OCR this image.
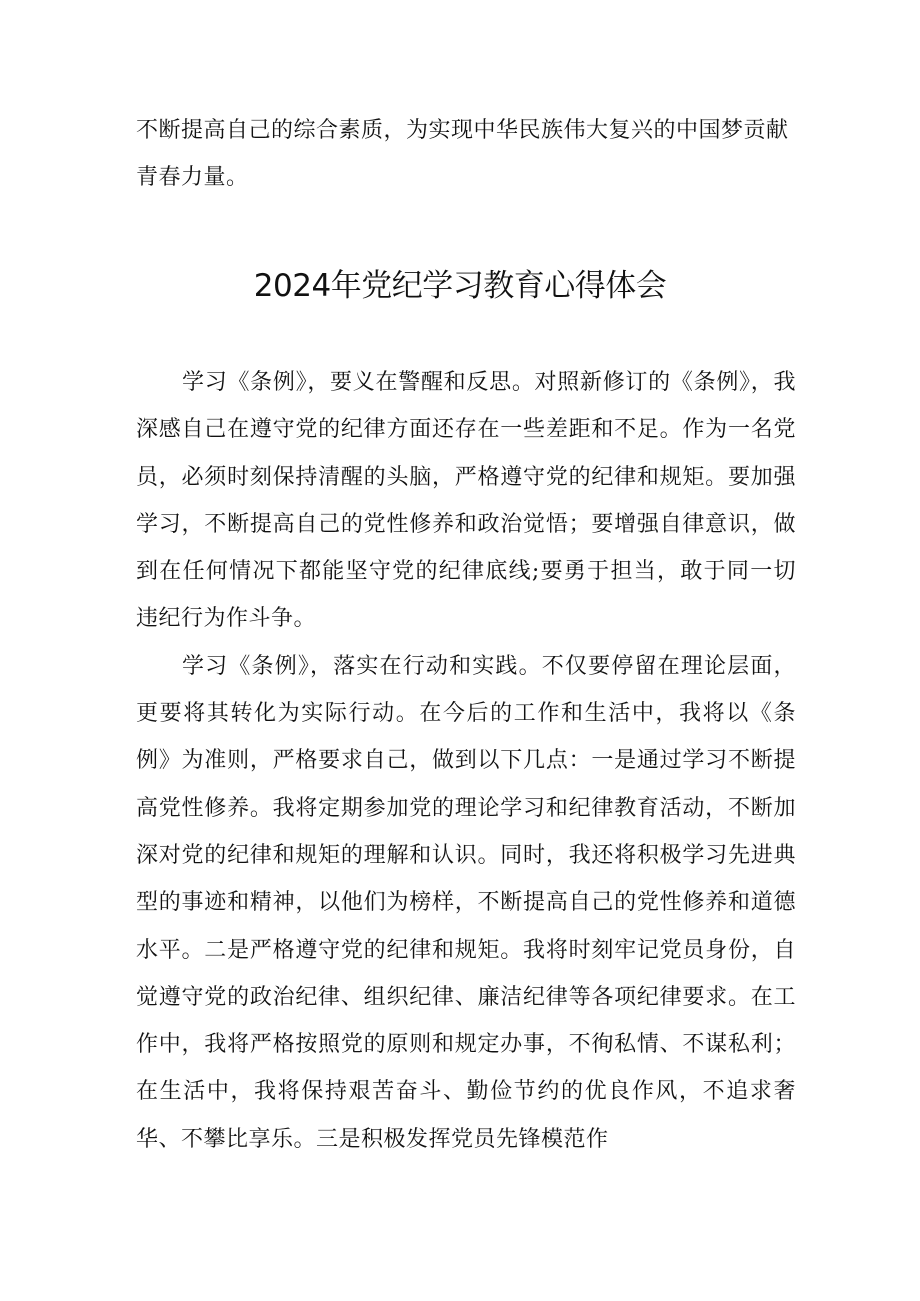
不断提高自己的综合素质，为实现中华民族伟大复兴的中国梦贡献青春力量。

2024年党纪学习教育心得体会

学习《条例》，要义在警醒和反思。对照新修订的《条例》，我深感自己在遵守党的纪律方面还存在一些差距和不足。作为一名党员，必须时刻保持清醒的头脑，严格遵守党的纪律和规矩。要加强学习，不断提高自己的党性修养和政治觉悟；要增强自律意识，做到在任何情况下都能坚守党的纪律底线;要勇于担当，敢于同一切违纪行为作斗争。

学习《条例》，落实在行动和实践。不仅要停留在理论层面，更要将其转化为实际行动。在今后的工作和生活中，我将以《条例》为准则，严格要求自己，做到以下几点：一是通过学习不断提高党性修养。我将定期参加党的理论学习和纪律教育活动，不断加深对党的纪律和规矩的理解和认识。同时，我还将积极学习先进典型的事迹和精神，以他们为榜样，不断提高自己的党性修养和道德水平。二是严格遵守党的纪律和规矩。我将时刻牢记党员身份，自觉遵守党的政治纪律、组织纪律、廉洁纪律等各项纪律要求。在工作中，我将严格按照党的原则和规定办事，不徇私情、不谋私利；在生活中，我将保持艰苦奋斗、勤俭节约的优良作风，不追求奢华、不攀比享乐。三是积极发挥党员先锋模范作
